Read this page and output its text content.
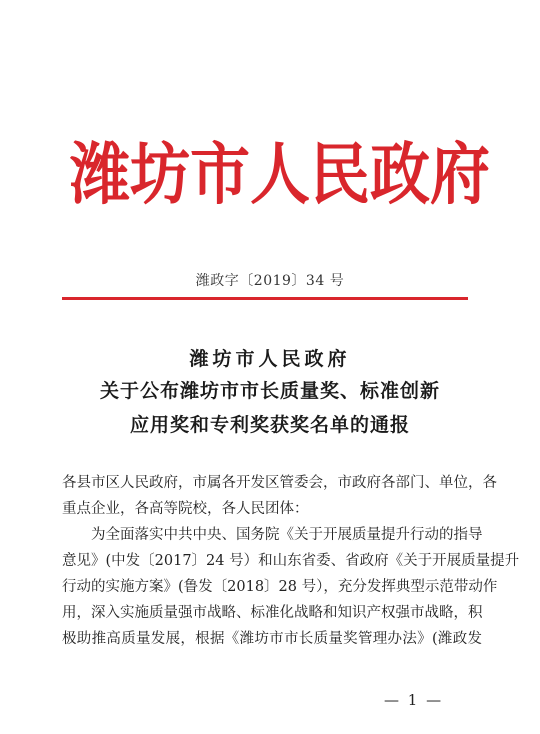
潍 坊 市 人 民 政 府
潍政字〔2019〕34 号
潍坊市人民政府
关于公布潍坊市市长质量奖、标准创新
应用奖和专利奖获奖名单的通报
各县市区人民政府，市属各开发区管委会，市政府各部门、单位，各
重点企业，各高等院校，各人民团体：
　　为全面落实中共中央、国务院《关于开展质量提升行动的指导
意见》(中发〔2017〕24 号）和山东省委、省政府《关于开展质量提升
行动的实施方案》(鲁发〔2018〕28 号），充分发挥典型示范带动作
用，深入实施质量强市战略、标准化战略和知识产权强市战略，积
极助推高质量发展，根据《潍坊市市长质量奖管理办法》(潍政发
— 1 —
